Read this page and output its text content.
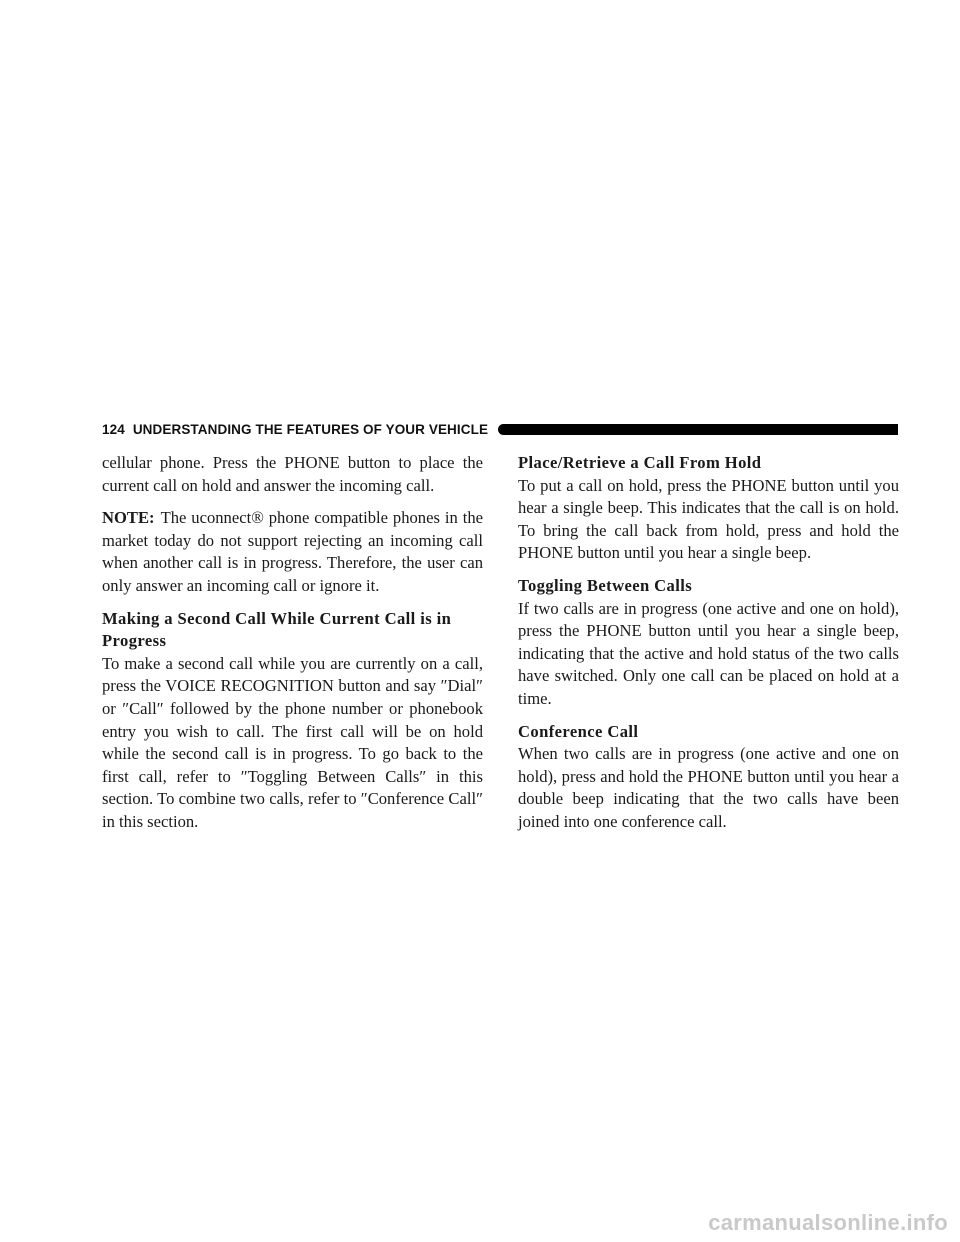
124 UNDERSTANDING THE FEATURES OF YOUR VEHICLE

cellular phone. Press the PHONE button to place the current call on hold and answer the incoming call.

NOTE: The uconnect® phone compatible phones in the market today do not support rejecting an incoming call when another call is in progress. Therefore, the user can only answer an incoming call or ignore it.

Making a Second Call While Current Call is in Progress

To make a second call while you are currently on a call, press the VOICE RECOGNITION button and say ″Dial″ or ″Call″ followed by the phone number or phonebook entry you wish to call. The first call will be on hold while the second call is in progress. To go back to the first call, refer to ″Toggling Between Calls″ in this section. To combine two calls, refer to ″Conference Call″ in this section.

Place/Retrieve a Call From Hold

To put a call on hold, press the PHONE button until you hear a single beep. This indicates that the call is on hold. To bring the call back from hold, press and hold the PHONE button until you hear a single beep.

Toggling Between Calls

If two calls are in progress (one active and one on hold), press the PHONE button until you hear a single beep, indicating that the active and hold status of the two calls have switched. Only one call can be placed on hold at a time.

Conference Call

When two calls are in progress (one active and one on hold), press and hold the PHONE button until you hear a double beep indicating that the two calls have been joined into one conference call.

carmanualsonline.info
